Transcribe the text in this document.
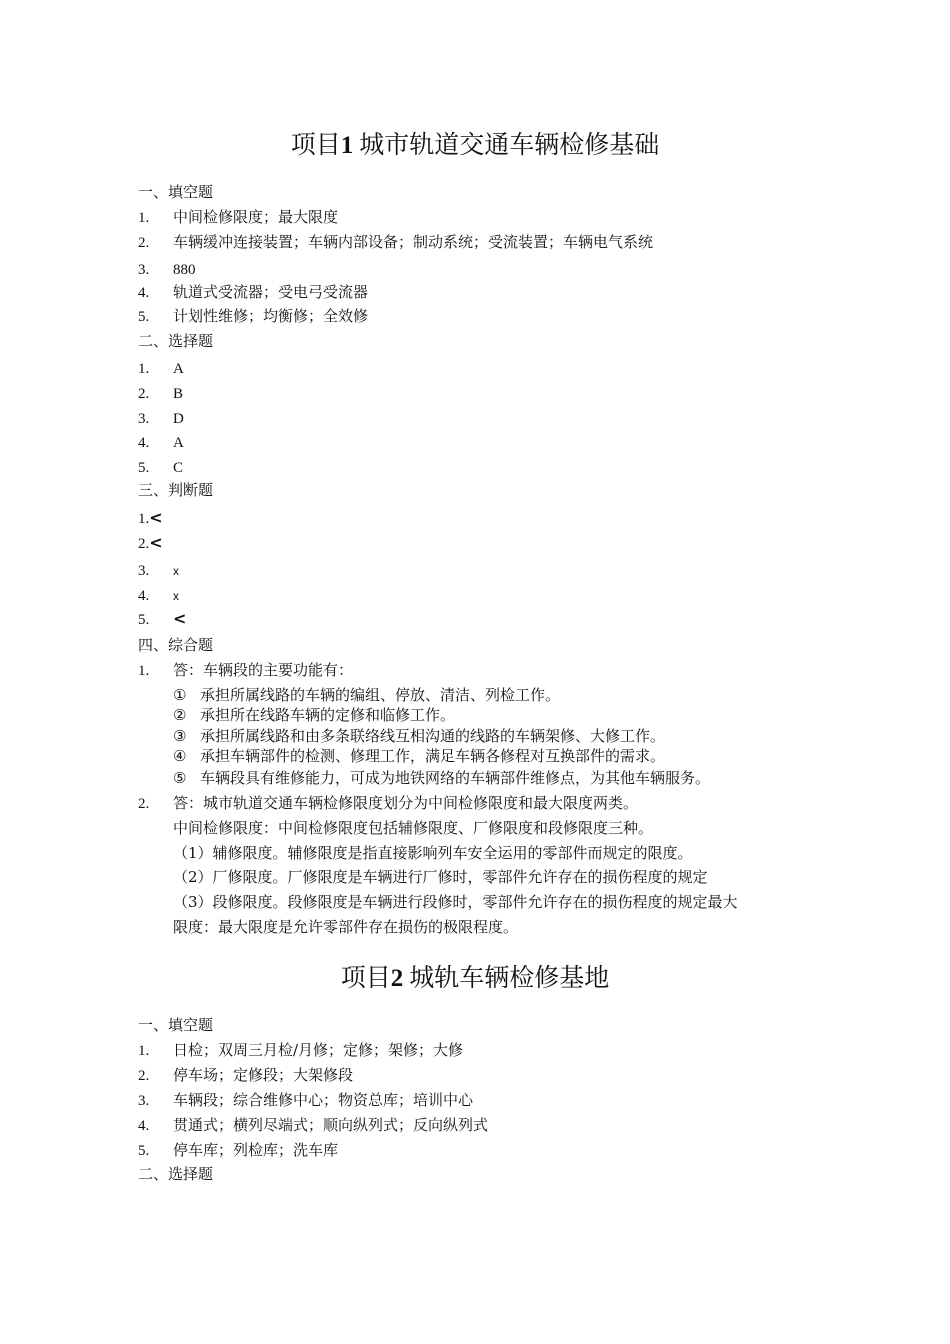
项目1 城市轨道交通车辆检修基础
一、填空题
1. 中间检修限度；最大限度
2. 车辆缓冲连接装置；车辆内部设备；制动系统；受流装置；车辆电气系统
3. 880
4. 轨道式受流器；受电弓受流器
5. 计划性维修；均衡修；全效修
二、选择题
1. A
2. B
3. D
4. A
5. C
三、判断题
1.<
2.<
3. x
4. x
5. <
四、综合题
1. 答：车辆段的主要功能有：
① 承担所属线路的车辆的编组、停放、清洁、列检工作。
② 承担所在线路车辆的定修和临修工作。
③ 承担所属线路和由多条联络线互相沟通的线路的车辆架修、大修工作。
④ 承担车辆部件的检测、修理工作，满足车辆各修程对互换部件的需求。
⑤ 车辆段具有维修能力，可成为地铁网络的车辆部件维修点，为其他车辆服务。
2. 答：城市轨道交通车辆检修限度划分为中间检修限度和最大限度两类。
中间检修限度：中间检修限度包括辅修限度、厂修限度和段修限度三种。
（1）辅修限度。辅修限度是指直接影响列车安全运用的零部件而规定的限度。
（2）厂修限度。厂修限度是车辆进行厂修时，零部件允许存在的损伤程度的规定
（3）段修限度。段修限度是车辆进行段修时，零部件允许存在的损伤程度的规定最大
限度：最大限度是允许零部件存在损伤的极限程度。
项目2 城轨车辆检修基地
一、填空题
1. 日检；双周三月检/月修；定修；架修；大修
2. 停车场；定修段；大架修段
3. 车辆段；综合维修中心；物资总库；培训中心
4. 贯通式；横列尽端式；顺向纵列式；反向纵列式
5. 停车库；列检库；洗车库
二、选择题
